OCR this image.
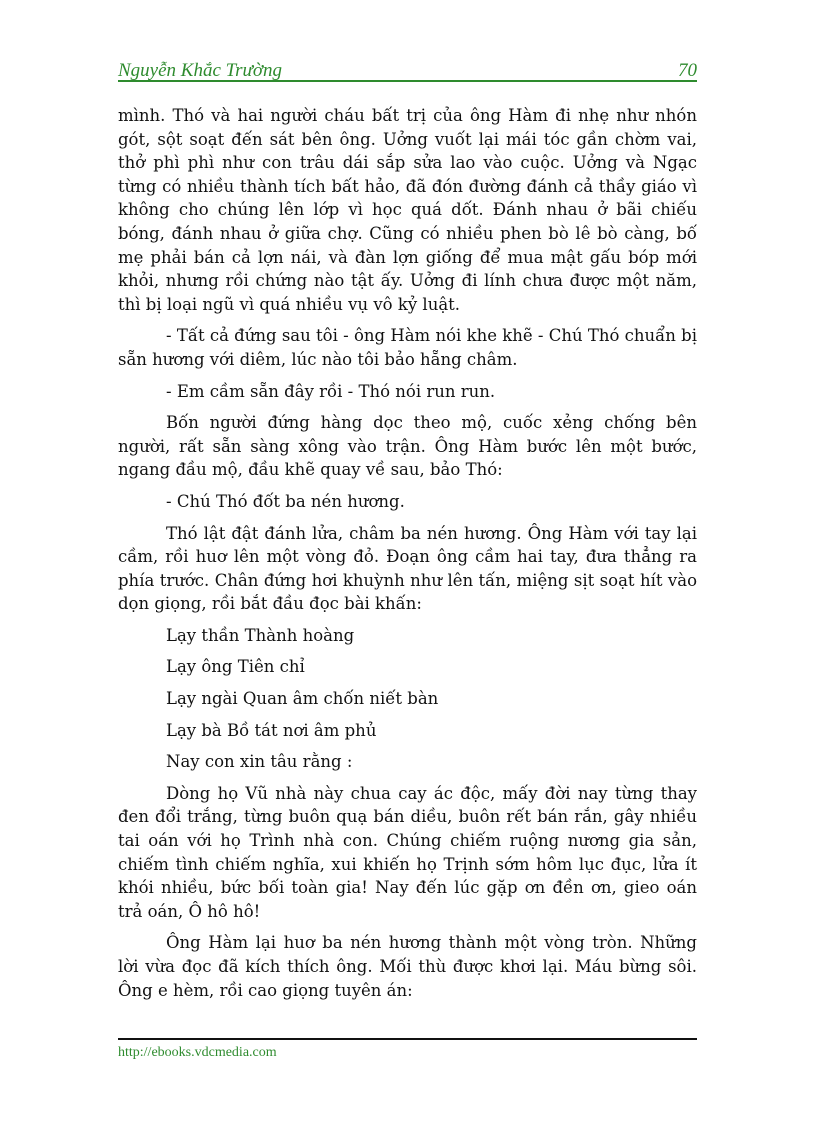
Nguyễn Khắc Trường	70

mình. Thó và hai người cháu bất trị của ông Hàm đi nhẹ như nhón gót, sột soạt đến sát bên ông. Uởng vuốt lại mái tóc gần chờm vai, thở phì phì như con trâu dái sắp sửa lao vào cuộc. Uởng và Ngạc từng có nhiều thành tích bất hảo, đã đón đường đánh cả thầy giáo vì không cho chúng lên lớp vì học quá dốt. Đánh nhau ở bãi chiếu bóng, đánh nhau ở giữa chợ. Cũng có nhiều phen bò lê bò càng, bố mẹ phải bán cả lợn nái, và đàn lợn giống để mua mật gấu bóp mới khỏi, nhưng rồi chứng nào tật ấy. Uởng đi lính chưa được một năm, thì bị loại ngũ vì quá nhiều vụ vô kỷ luật.

- Tất cả đứng sau tôi - ông Hàm nói khe khẽ - Chú Thó chuẩn bị sẵn hương với diêm, lúc nào tôi bảo hẵng châm.

- Em cầm sẵn đây rồi - Thó nói run run.

Bốn người đứng hàng dọc theo mộ, cuốc xẻng chống bên người, rất sẵn sàng xông vào trận. Ông Hàm bước lên một bước, ngang đầu mộ, đầu khẽ quay về sau, bảo Thó:

- Chú Thó đốt ba nén hương.

Thó lật đật đánh lửa, châm ba nén hương. Ông Hàm với tay lại cầm, rồi huơ lên một vòng đỏ. Đoạn ông cầm hai tay, đưa thẳng ra phía trước. Chân đứng hơi khuỳnh như lên tấn, miệng sịt soạt hít vào dọn giọng, rồi bắt đầu đọc bài khấn:

Lạy thần Thành hoàng

Lạy ông Tiên chỉ

Lạy ngài Quan âm chốn niết bàn

Lạy bà Bồ tát nơi âm phủ

Nay con xin tâu rằng :

Dòng họ Vũ nhà này chua cay ác độc, mấy đời nay từng thay đen đổi trắng, từng buôn quạ bán diều, buôn rết bán rắn, gây nhiều tai oán với họ Trình nhà con. Chúng chiếm ruộng nương gia sản, chiếm tình chiếm nghĩa, xui khiến họ Trịnh sớm hôm lục đục, lửa ít khói nhiều, bức bối toàn gia! Nay đến lúc gặp ơn đền ơn, gieo oán trả oán, Ô hô hô!

Ông Hàm lại huơ ba nén hương thành một vòng tròn. Những lời vừa đọc đã kích thích ông. Mối thù được khơi lại. Máu bừng sôi. Ông e hèm, rồi cao giọng tuyên án:

http://ebooks.vdcmedia.com
